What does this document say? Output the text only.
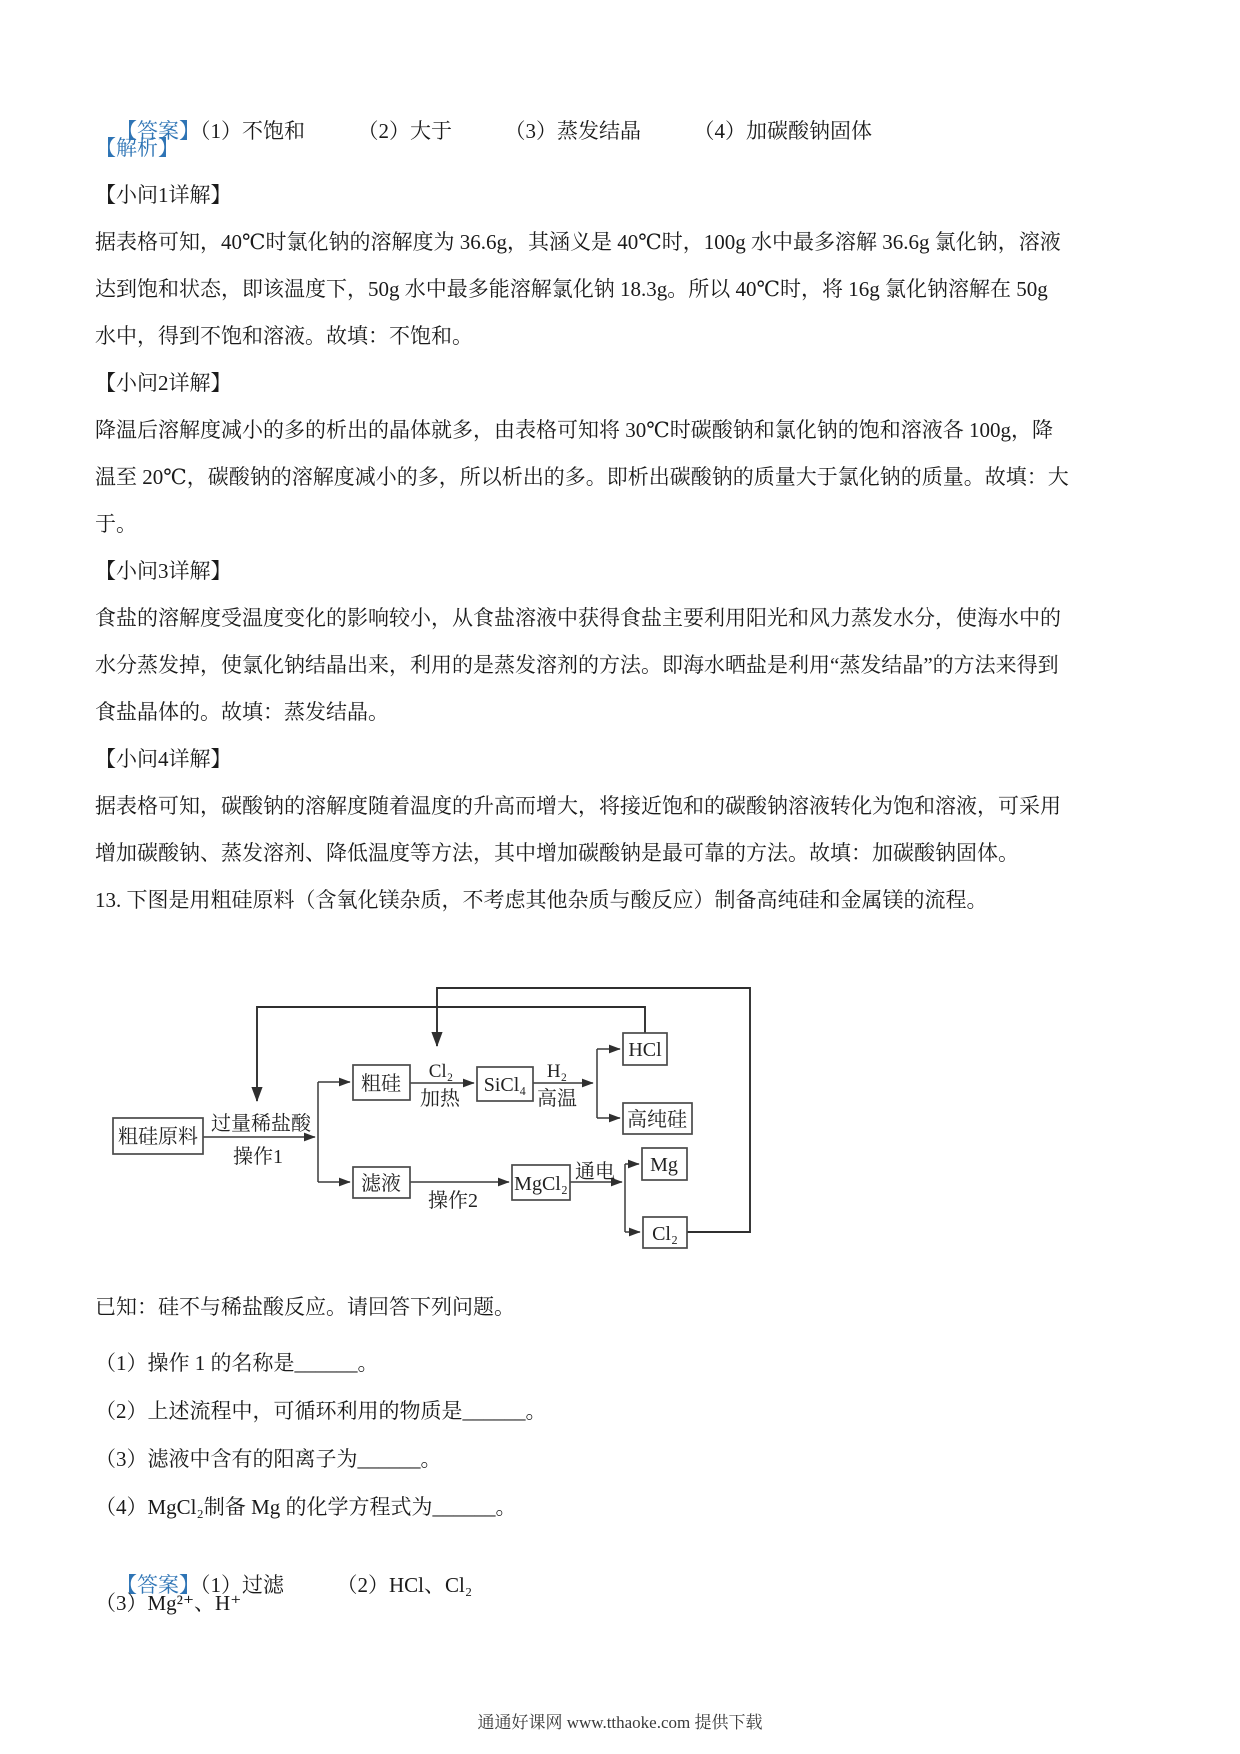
【答案】（1）不饱和　　　（2）大于　　　（3）蒸发结晶　　　（4）加碳酸钠固体

【解析】
【小问1详解】
据表格可知，40℃时氯化钠的溶解度为 36.6g，其涵义是 40℃时，100g 水中最多溶解 36.6g 氯化钠，溶液
达到饱和状态，即该温度下，50g 水中最多能溶解氯化钠 18.3g。所以 40℃时，将 16g 氯化钠溶解在 50g
水中，得到不饱和溶液。故填：不饱和。
【小问2详解】
降温后溶解度减小的多的析出的晶体就多，由表格可知将 30℃时碳酸钠和氯化钠的饱和溶液各 100g，降
温至 20℃，碳酸钠的溶解度减小的多，所以析出的多。即析出碳酸钠的质量大于氯化钠的质量。故填：大
于。
【小问3详解】
食盐的溶解度受温度变化的影响较小，从食盐溶液中获得食盐主要利用阳光和风力蒸发水分，使海水中的
水分蒸发掉，使氯化钠结晶出来，利用的是蒸发溶剂的方法。即海水晒盐是利用“蒸发结晶”的方法来得到
食盐晶体的。故填：蒸发结晶。
【小问4详解】
据表格可知，碳酸钠的溶解度随着温度的升高而增大，将接近饱和的碳酸钠溶液转化为饱和溶液，可采用
增加碳酸钠、蒸发溶剂、降低温度等方法，其中增加碳酸钠是最可靠的方法。故填：加碳酸钠固体。
13. 下图是用粗硅原料（含氧化镁杂质，不考虑其他杂质与酸反应）制备高纯硅和金属镁的流程。
粗硅原料
粗硅	SiCl₄
HCl
高纯硅
滤液	MgCl₂
Mg
Cl₂
过量稀盐酸
操作1
Cl₂
加热
H₂
高温
操作2
通电
已知：硅不与稀盐酸反应。请回答下列问题。
（1）操作 1 的名称是______。
（2）上述流程中，可循环利用的物质是______。
（3）滤液中含有的阳离子为______。
（4）MgCl₂制备 Mg 的化学方程式为______。

【答案】（1）过滤　　　（2）HCl、Cl₂

（3）Mg²⁺、H⁺
通通好课网 www.tthaoke.com 提供下载
